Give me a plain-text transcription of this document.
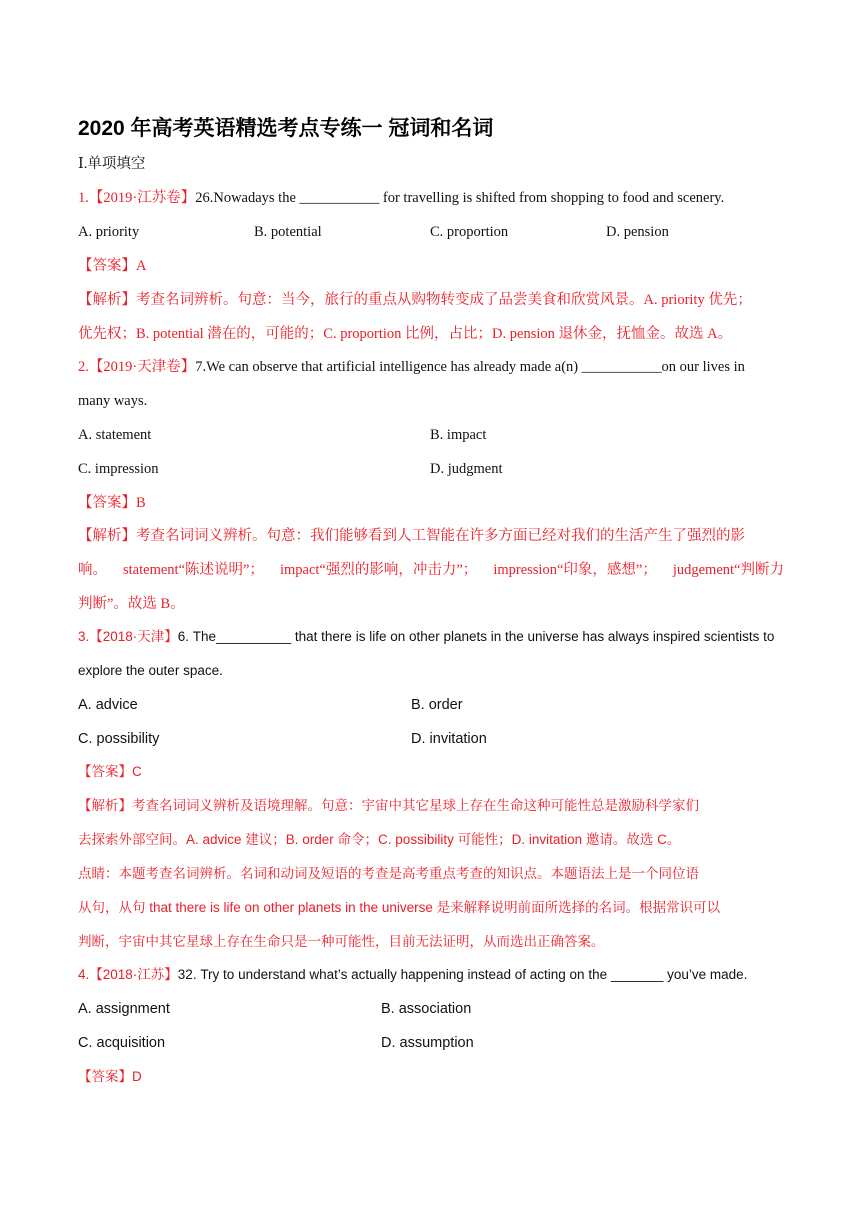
2020 年高考英语精选考点专练一 冠词和名词
Ⅰ.单项填空
1.【2019·江苏卷】26.Nowadays the ___________ for travelling is shifted from shopping to food and scenery.
A. priority	B. potential	C. proportion	D. pension
【答案】A
【解析】考查名词辨析。句意：当今，旅行的重点从购物转变成了品尝美食和欣赏风景。A. priority 优先；
优先权；B. potential 潜在的，可能的；C. proportion 比例，占比；D. pension 退休金，抚恤金。故选 A。
2.【2019·天津卷】7.We can observe that artificial intelligence has already made a(n) ___________on our lives in
many ways.
A. statement	B. impact
C. impression	D. judgment
【答案】B
【解析】考查名词词义辨析。句意：我们能够看到人工智能在许多方面已经对我们的生活产生了强烈的影
响。 statement“陈述说明”； impact“强烈的影响，冲击力”； impression“印象，感想”； judgement“判断力
判断”。故选 B。
3.【2018·天津】6. The__________ that there is life on other planets in the universe has always inspired scientists to
explore the outer space.
A. advice	B. order
C. possibility	D. invitation
【答案】C
【解析】考查名词词义辨析及语境理解。句意：宇宙中其它星球上存在生命这种可能性总是激励科学家们
去探索外部空间。A. advice 建议；B. order 命令；C. possibility 可能性；D. invitation 邀请。故选 C。
点睛：本题考查名词辨析。名词和动词及短语的考查是高考重点考查的知识点。本题语法上是一个同位语
从句，从句 that there is life on other planets in the universe 是来解释说明前面所选择的名词。根据常识可以
判断，宇宙中其它星球上存在生命只是一种可能性，目前无法证明，从而选出正确答案。
4.【2018·江苏】32. Try to understand what’s actually happening instead of acting on the _______ you’ve made.
A. assignment	B. association
C. acquisition	D. assumption
【答案】D
